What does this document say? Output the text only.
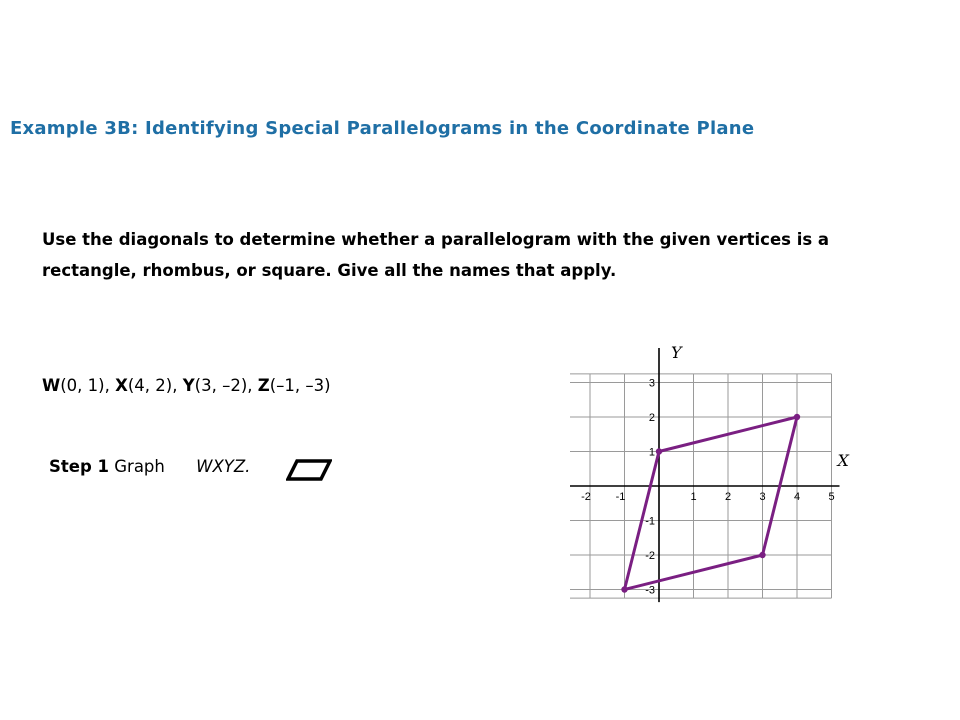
Example 3B: Identifying Special Parallelograms in the Coordinate Plane
Use the diagonals to determine whether a parallelogram with the given vertices is a rectangle, rhombus, or square. Give all the names that apply.
W(0, 1), X(4, 2), Y(3, –2), Z(–1, –3)
Step 1 Graph WXYZ.
-2 -1	1	2	3	4	5
3
2
1
-1
-2
-3
X
Y
